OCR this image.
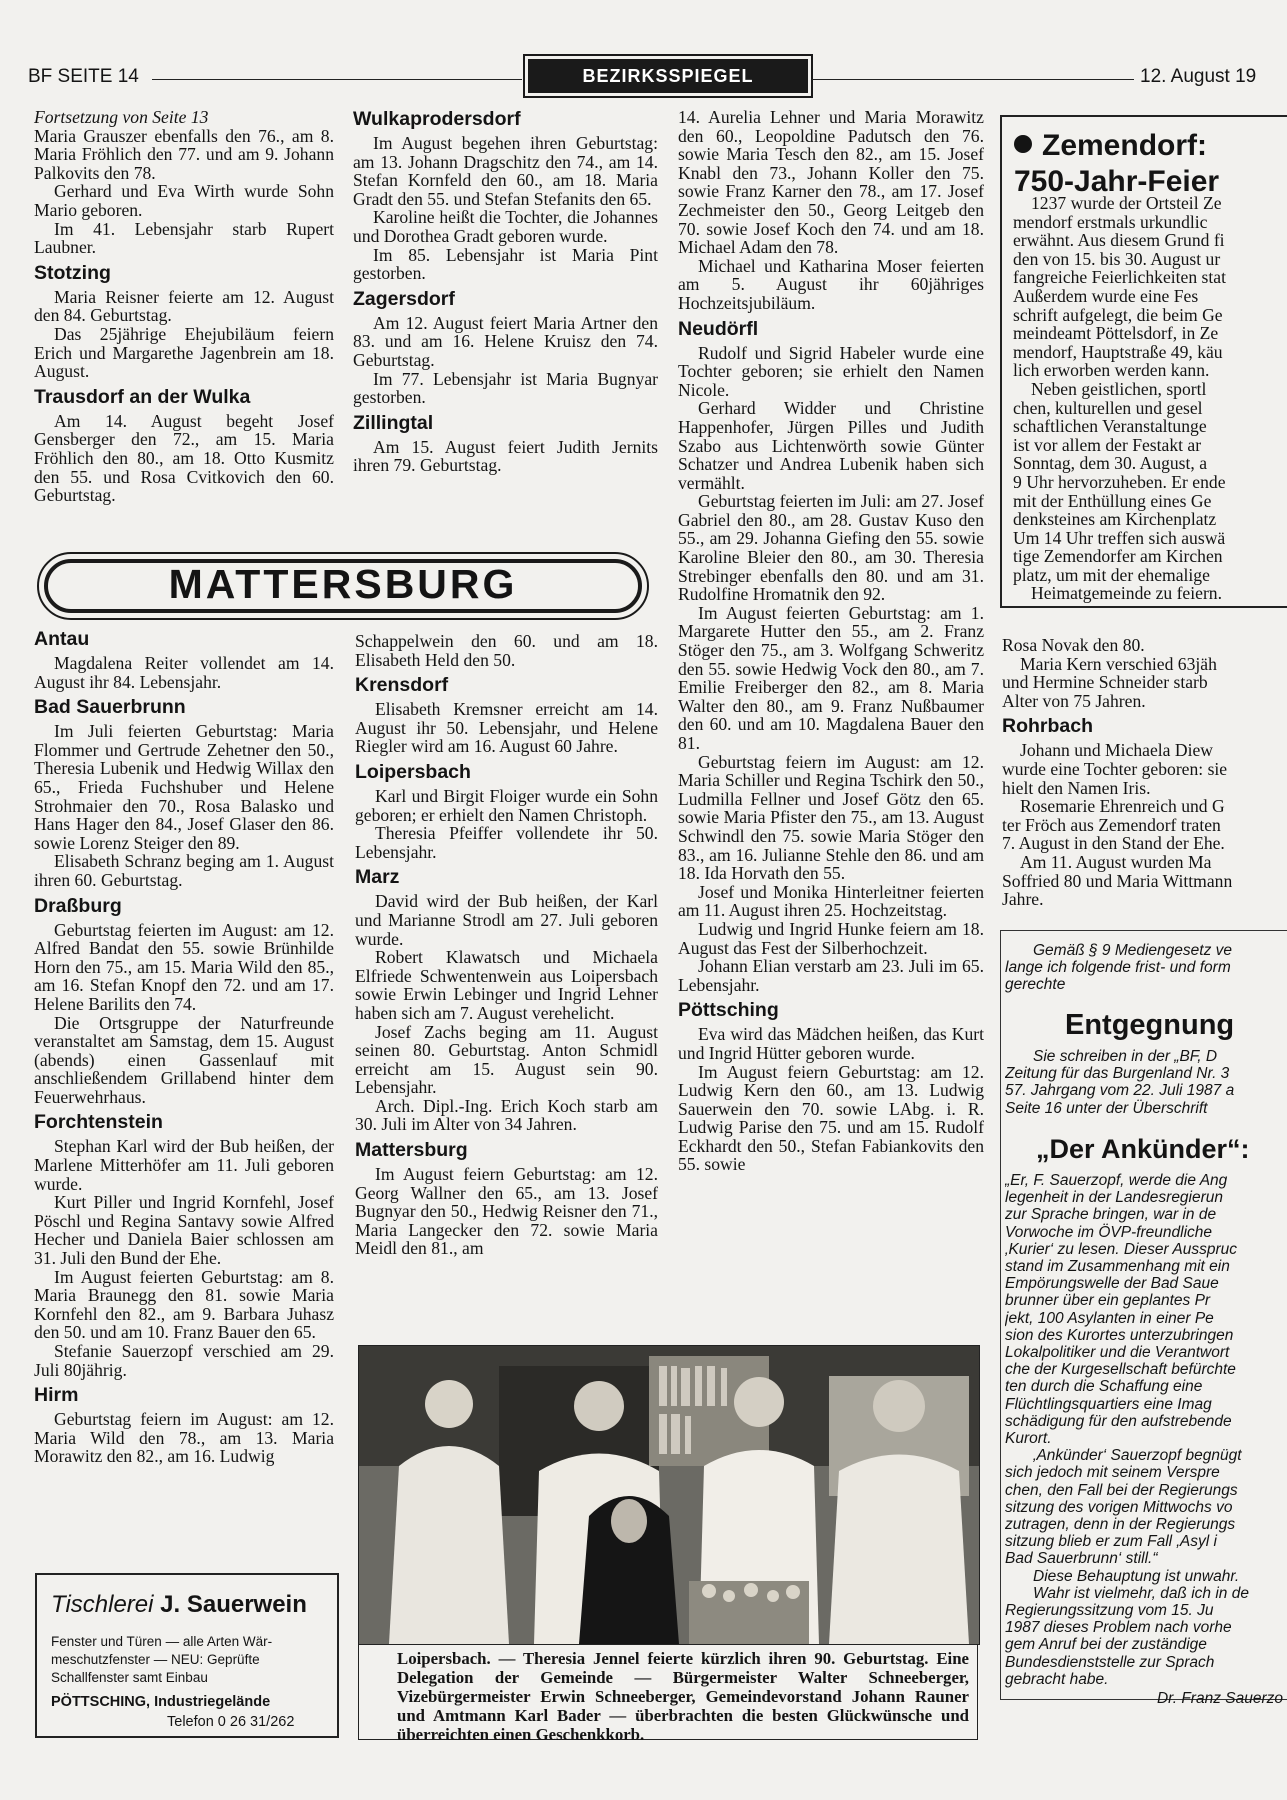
BF SEITE 14	BEZIRKSSPIEGEL	12. August 19

Fortsetzung von Seite 13

Maria Grauszer ebenfalls den 76., am 8. Maria Fröhlich den 77. und am 9. Johann Palkovits den 78.

Gerhard und Eva Wirth wurde Sohn Mario geboren.

Im 41. Lebensjahr starb Rupert Laubner.

Stotzing

Maria Reisner feierte am 12. August den 84. Geburtstag.

Das 25jährige Ehejubiläum feiern Erich und Margarethe Jagenbrein am 18. August.

Trausdorf an der Wulka

Am 14. August begeht Josef Gensberger den 72., am 15. Maria Fröhlich den 80., am 18. Otto Kusmitz den 55. und Rosa Cvitkovich den 60. Geburtstag.

Wulkaprodersdorf

Im August begehen ihren Geburtstag: am 13. Johann Dragschitz den 74., am 14. Stefan Kornfeld den 60., am 18. Maria Gradt den 55. und Stefan Stefanits den 65.

Karoline heißt die Tochter, die Johannes und Dorothea Gradt geboren wurde.

Im 85. Lebensjahr ist Maria Pint gestorben.

Zagersdorf

Am 12. August feiert Maria Artner den 83. und am 16. Helene Kruisz den 74. Geburtstag.

Im 77. Lebensjahr ist Maria Bugnyar gestorben.

Zillingtal

Am 15. August feiert Judith Jernits ihren 79. Geburtstag.

14. Aurelia Lehner und Maria Morawitz den 60., Leopoldine Padutsch den 76. sowie Maria Tesch den 82., am 15. Josef Knabl den 73., Johann Koller den 75. sowie Franz Karner den 78., am 17. Josef Zechmeister den 50., Georg Leitgeb den 70. sowie Josef Koch den 74. und am 18. Michael Adam den 78.

Michael und Katharina Moser feierten am 5. August ihr 60jähriges Hochzeitsjubiläum.

Neudörfl

Rudolf und Sigrid Habeler wurde eine Tochter geboren; sie erhielt den Namen Nicole.

Gerhard Widder und Christine Happenhofer, Jürgen Pilles und Judith Szabo aus Lichtenwörth sowie Günter Schatzer und Andrea Lubenik haben sich vermählt.

Geburtstag feierten im Juli: am 27. Josef Gabriel den 80., am 28. Gustav Kuso den 55., am 29. Johanna Giefing den 55. sowie Karoline Bleier den 80., am 30. Theresia Strebinger ebenfalls den 80. und am 31. Rudolfine Hromatnik den 92.

Im August feierten Geburtstag: am 1. Margarete Hutter den 55., am 2. Franz Stöger den 75., am 3. Wolfgang Schweritz den 55. sowie Hedwig Vock den 80., am 7. Emilie Freiberger den 82., am 8. Maria Walter den 80., am 9. Franz Nußbaumer den 60. und am 10. Magdalena Bauer den 81.

Geburtstag feiern im August: am 12. Maria Schiller und Regina Tschirk den 50., Ludmilla Fellner und Josef Götz den 65. sowie Maria Pfister den 75., am 13. August Schwindl den 75. sowie Maria Stöger den 83., am 16. Julianne Stehle den 86. und am 18. Ida Horvath den 55.

Josef und Monika Hinterleitner feierten am 11. August ihren 25. Hochzeitstag.

Ludwig und Ingrid Hunke feiern am 18. August das Fest der Silberhochzeit.

Johann Elian verstarb am 23. Juli im 65. Lebensjahr.

Pöttsching

Eva wird das Mädchen heißen, das Kurt und Ingrid Hütter geboren wurde.

Im August feiern Geburtstag: am 12. Ludwig Kern den 60., am 13. Ludwig Sauerwein den 70. sowie LAbg. i. R. Ludwig Parise den 75. und am 15. Rudolf Eckhardt den 50., Stefan Fabiankovits den 55. sowie

Zemendorf:
750-Jahr-Feier
1237 wurde der Ortsteil Ze
mendorf erstmals urkundlic
erwähnt. Aus diesem Grund fi
den von 15. bis 30. August ur
fangreiche Feierlichkeiten stat
Außerdem wurde eine Fes
schrift aufgelegt, die beim Ge
meindeamt Pöttelsdorf, in Ze
mendorf, Hauptstraße 49, käu
lich erworben werden kann.
Neben geistlichen, sportl
chen, kulturellen und gesel
schaftlichen Veranstaltunge
ist vor allem der Festakt ar
Sonntag, dem 30. August, a
9 Uhr hervorzuheben. Er ende
mit der Enthüllung eines Ge
denksteines am Kirchenplatz
Um 14 Uhr treffen sich auswä
tige Zemendorfer am Kirchen
platz, um mit der ehemalige
Heimatgemeinde zu feiern.
MATTERSBURG
Antau

Magdalena Reiter vollendet am 14. August ihr 84. Lebensjahr.

Bad Sauerbrunn

Im Juli feierten Geburtstag: Maria Flommer und Gertrude Zehetner den 50., Theresia Lubenik und Hedwig Willax den 65., Frieda Fuchshuber und Helene Strohmaier den 70., Rosa Balasko und Hans Hager den 84., Josef Glaser den 86. sowie Lorenz Steiger den 89.

Elisabeth Schranz beging am 1. August ihren 60. Geburtstag.

Draßburg

Geburtstag feierten im August: am 12. Alfred Bandat den 55. sowie Brünhilde Horn den 75., am 15. Maria Wild den 85., am 16. Stefan Knopf den 72. und am 17. Helene Barilits den 74.

Die Ortsgruppe der Naturfreunde veranstaltet am Samstag, dem 15. August (abends) einen Gassenlauf mit anschließendem Grillabend hinter dem Feuerwehrhaus.

Forchtenstein

Stephan Karl wird der Bub heißen, der Marlene Mitterhöfer am 11. Juli geboren wurde.

Kurt Piller und Ingrid Kornfehl, Josef Pöschl und Regina Santavy sowie Alfred Hecher und Daniela Baier schlossen am 31. Juli den Bund der Ehe.

Im August feierten Geburtstag: am 8. Maria Braunegg den 81. sowie Maria Kornfehl den 82., am 9. Barbara Juhasz den 50. und am 10. Franz Bauer den 65.

Stefanie Sauerzopf verschied am 29. Juli 80jährig.

Hirm

Geburtstag feiern im August: am 12. Maria Wild den 78., am 13. Maria Morawitz den 82., am 16. Ludwig

Schappelwein den 60. und am 18. Elisabeth Held den 50.

Krensdorf

Elisabeth Kremsner erreicht am 14. August ihr 50. Lebensjahr, und Helene Riegler wird am 16. August 60 Jahre.

Loipersbach

Karl und Birgit Floiger wurde ein Sohn geboren; er erhielt den Namen Christoph.

Theresia Pfeiffer vollendete ihr 50. Lebensjahr.

Marz

David wird der Bub heißen, der Karl und Marianne Strodl am 27. Juli geboren wurde.

Robert Klawatsch und Michaela Elfriede Schwentenwein aus Loipersbach sowie Erwin Lebinger und Ingrid Lehner haben sich am 7. August verehelicht.

Josef Zachs beging am 11. August seinen 80. Geburtstag. Anton Schmidl erreicht am 15. August sein 90. Lebensjahr.

Arch. Dipl.-Ing. Erich Koch starb am 30. Juli im Alter von 34 Jahren.

Mattersburg

Im August feiern Geburtstag: am 12. Georg Wallner den 65., am 13. Josef Bugnyar den 50., Hedwig Reisner den 71., Maria Langecker den 72. sowie Maria Meidl den 81., am

Rosa Novak den 80.
Maria Kern verschied 63jäh
und Hermine Schneider starb
Alter von 75 Jahren.
Rohrbach
Johann und Michaela Diew
wurde eine Tochter geboren: sie
hielt den Namen Iris.
Rosemarie Ehrenreich und G
ter Fröch aus Zemendorf traten
7. August in den Stand der Ehe.
Am 11. August wurden Ma
Soffried 80 und Maria Wittmann
Jahre.
Gemäß § 9 Mediengesetz ve
lange ich folgende frist- und form
gerechte
Entgegnung
Sie schreiben in der „BF, D
Zeitung für das Burgenland Nr. 3
57. Jahrgang vom 22. Juli 1987 a
Seite 16 unter der Überschrift
„Der Ankünder“:
„Er, F. Sauerzopf, werde die Ang
legenheit in der Landesregierun
zur Sprache bringen, war in de
Vorwoche im ÖVP-freundliche
‚Kurier‘ zu lesen. Dieser Ausspruc
stand im Zusammenhang mit ein
Empörungswelle der Bad Saue
brunner über ein geplantes Pr
jekt, 100 Asylanten in einer Pe
sion des Kurortes unterzubringen
Lokalpolitiker und die Verantwort
che der Kurgesellschaft befürchte
ten durch die Schaffung eine
Flüchtlingsquartiers eine Imag
schädigung für den aufstrebende
Kurort.
‚Ankünder‘ Sauerzopf begnügt
sich jedoch mit seinem Verspre
chen, den Fall bei der Regierungs
sitzung des vorigen Mittwochs vo
zutragen, denn in der Regierungs
sitzung blieb er zum Fall ‚Asyl i
Bad Sauerbrunn‘ still.“
Diese Behauptung ist unwahr.
Wahr ist vielmehr, daß ich in de
Regierungssitzung vom 15. Ju
1987 dieses Problem nach vorhe
gem Anruf bei der zuständige
Bundesdienststelle zur Sprach
gebracht habe.
Dr. Franz Sauerzo
Tischlerei J. Sauerwein
Fenster und Türen — alle Arten Wär-
meschutzfenster — NEU: Geprüfte
Schallfenster samt Einbau
PÖTTSCHING, Industriegelände
Telefon 0 26 31/262
Loipersbach. — Theresia Jennel feierte kürzlich ihren 90. Geburtstag. Eine Delegation der Gemeinde — Bürgermeister Walter Schneeberger, Vizebürgermeister Erwin Schneeberger, Gemeindevorstand Johann Rauner und Amtmann Karl Bader — überbrachten die besten Glückwünsche und überreichten einen Geschenkkorb.
